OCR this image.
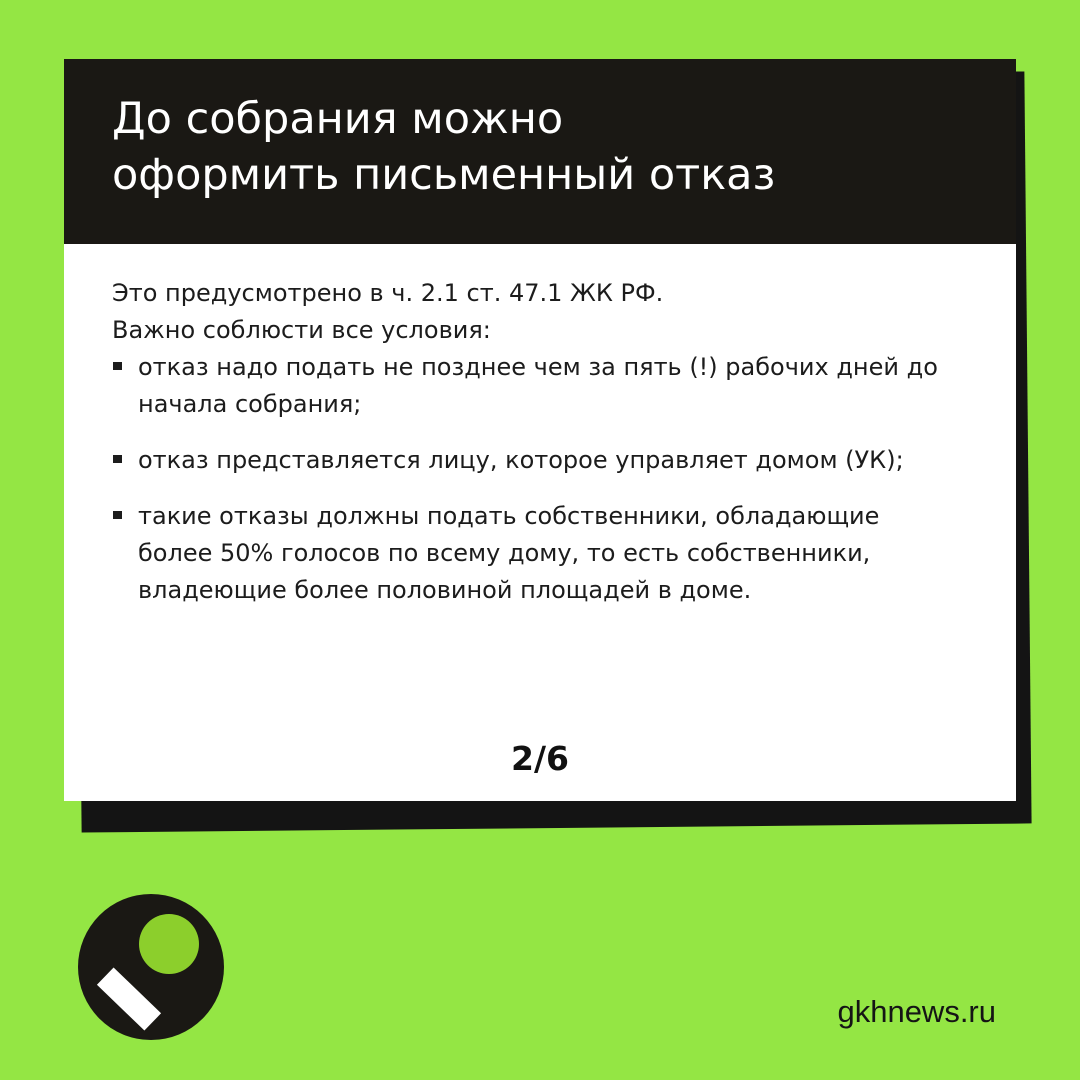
До собрания можно
оформить письменный отказ

Это предусмотрено в ч. 2.1 ст. 47.1 ЖК РФ.
Важно соблюсти все условия:

отказ надо подать не позднее чем за пять (!) рабочих дней до начала собрания;
отказ представляется лицу, которое управляет домом (УК);
такие отказы должны подать собственники, обладающие более 50% голосов по всему дому, то есть собственники, владеющие более половиной площадей в доме.
2/6
gkhnews.ru
